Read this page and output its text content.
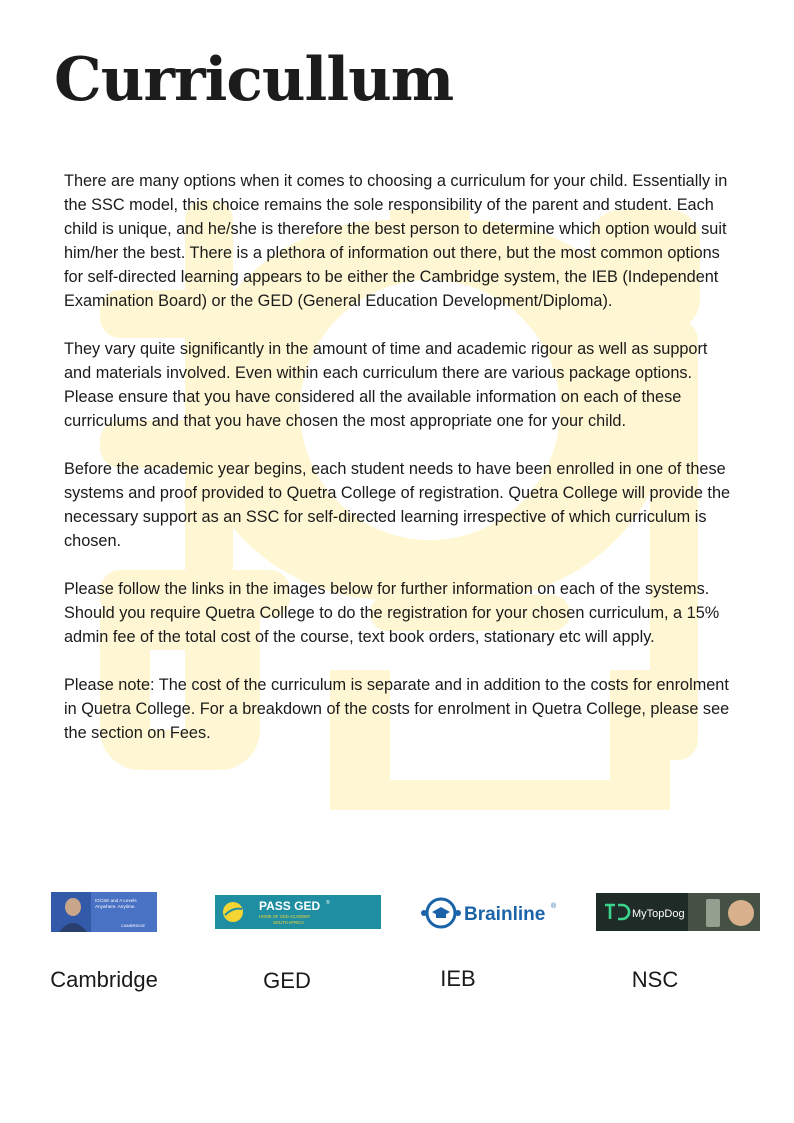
Curricullum

There are many options when it comes to choosing a curriculum for your child. Essentially in the SSC model, this choice remains the sole responsibility of the parent and student. Each child is unique, and he/she is therefore the best person to determine which option would suit him/her the best. There is a plethora of information out there, but the most common options for self-directed learning appears to be either the Cambridge system, the IEB (Independent Examination Board) or the GED (General Education Development/Diploma).

They vary quite significantly in the amount of time and academic rigour as well as support and materials involved. Even within each curriculum there are various package options. Please ensure that you have considered all the available information on each of these curriculums and that you have chosen the most appropriate one for your child.

Before the academic year begins, each student needs to have been enrolled in one of these systems and proof provided to Quetra College of registration. Quetra College will provide the necessary support as an SSC for self-directed learning irrespective of which curriculum is chosen.

Please follow the links in the images below for further information on each of the systems. Should you require Quetra College to do the registration for your chosen curriculum, a 15% admin fee of the total cost of the course, text book orders, stationary etc will apply.

Please note: The cost of the curriculum is separate and in addition to the costs for enrolment in Quetra College. For a breakdown of the costs for enrolment in Quetra College, please see the section on Fees.

IGCSE and A Levels
Anywhere. Anytime.
CAMBRIDGE
PASS GED ®
HOME OF GED ACADEMY
SOUTH AFRICA	Brainline ®
MyTopDog
Cambridge	GED	IEB	NSC
